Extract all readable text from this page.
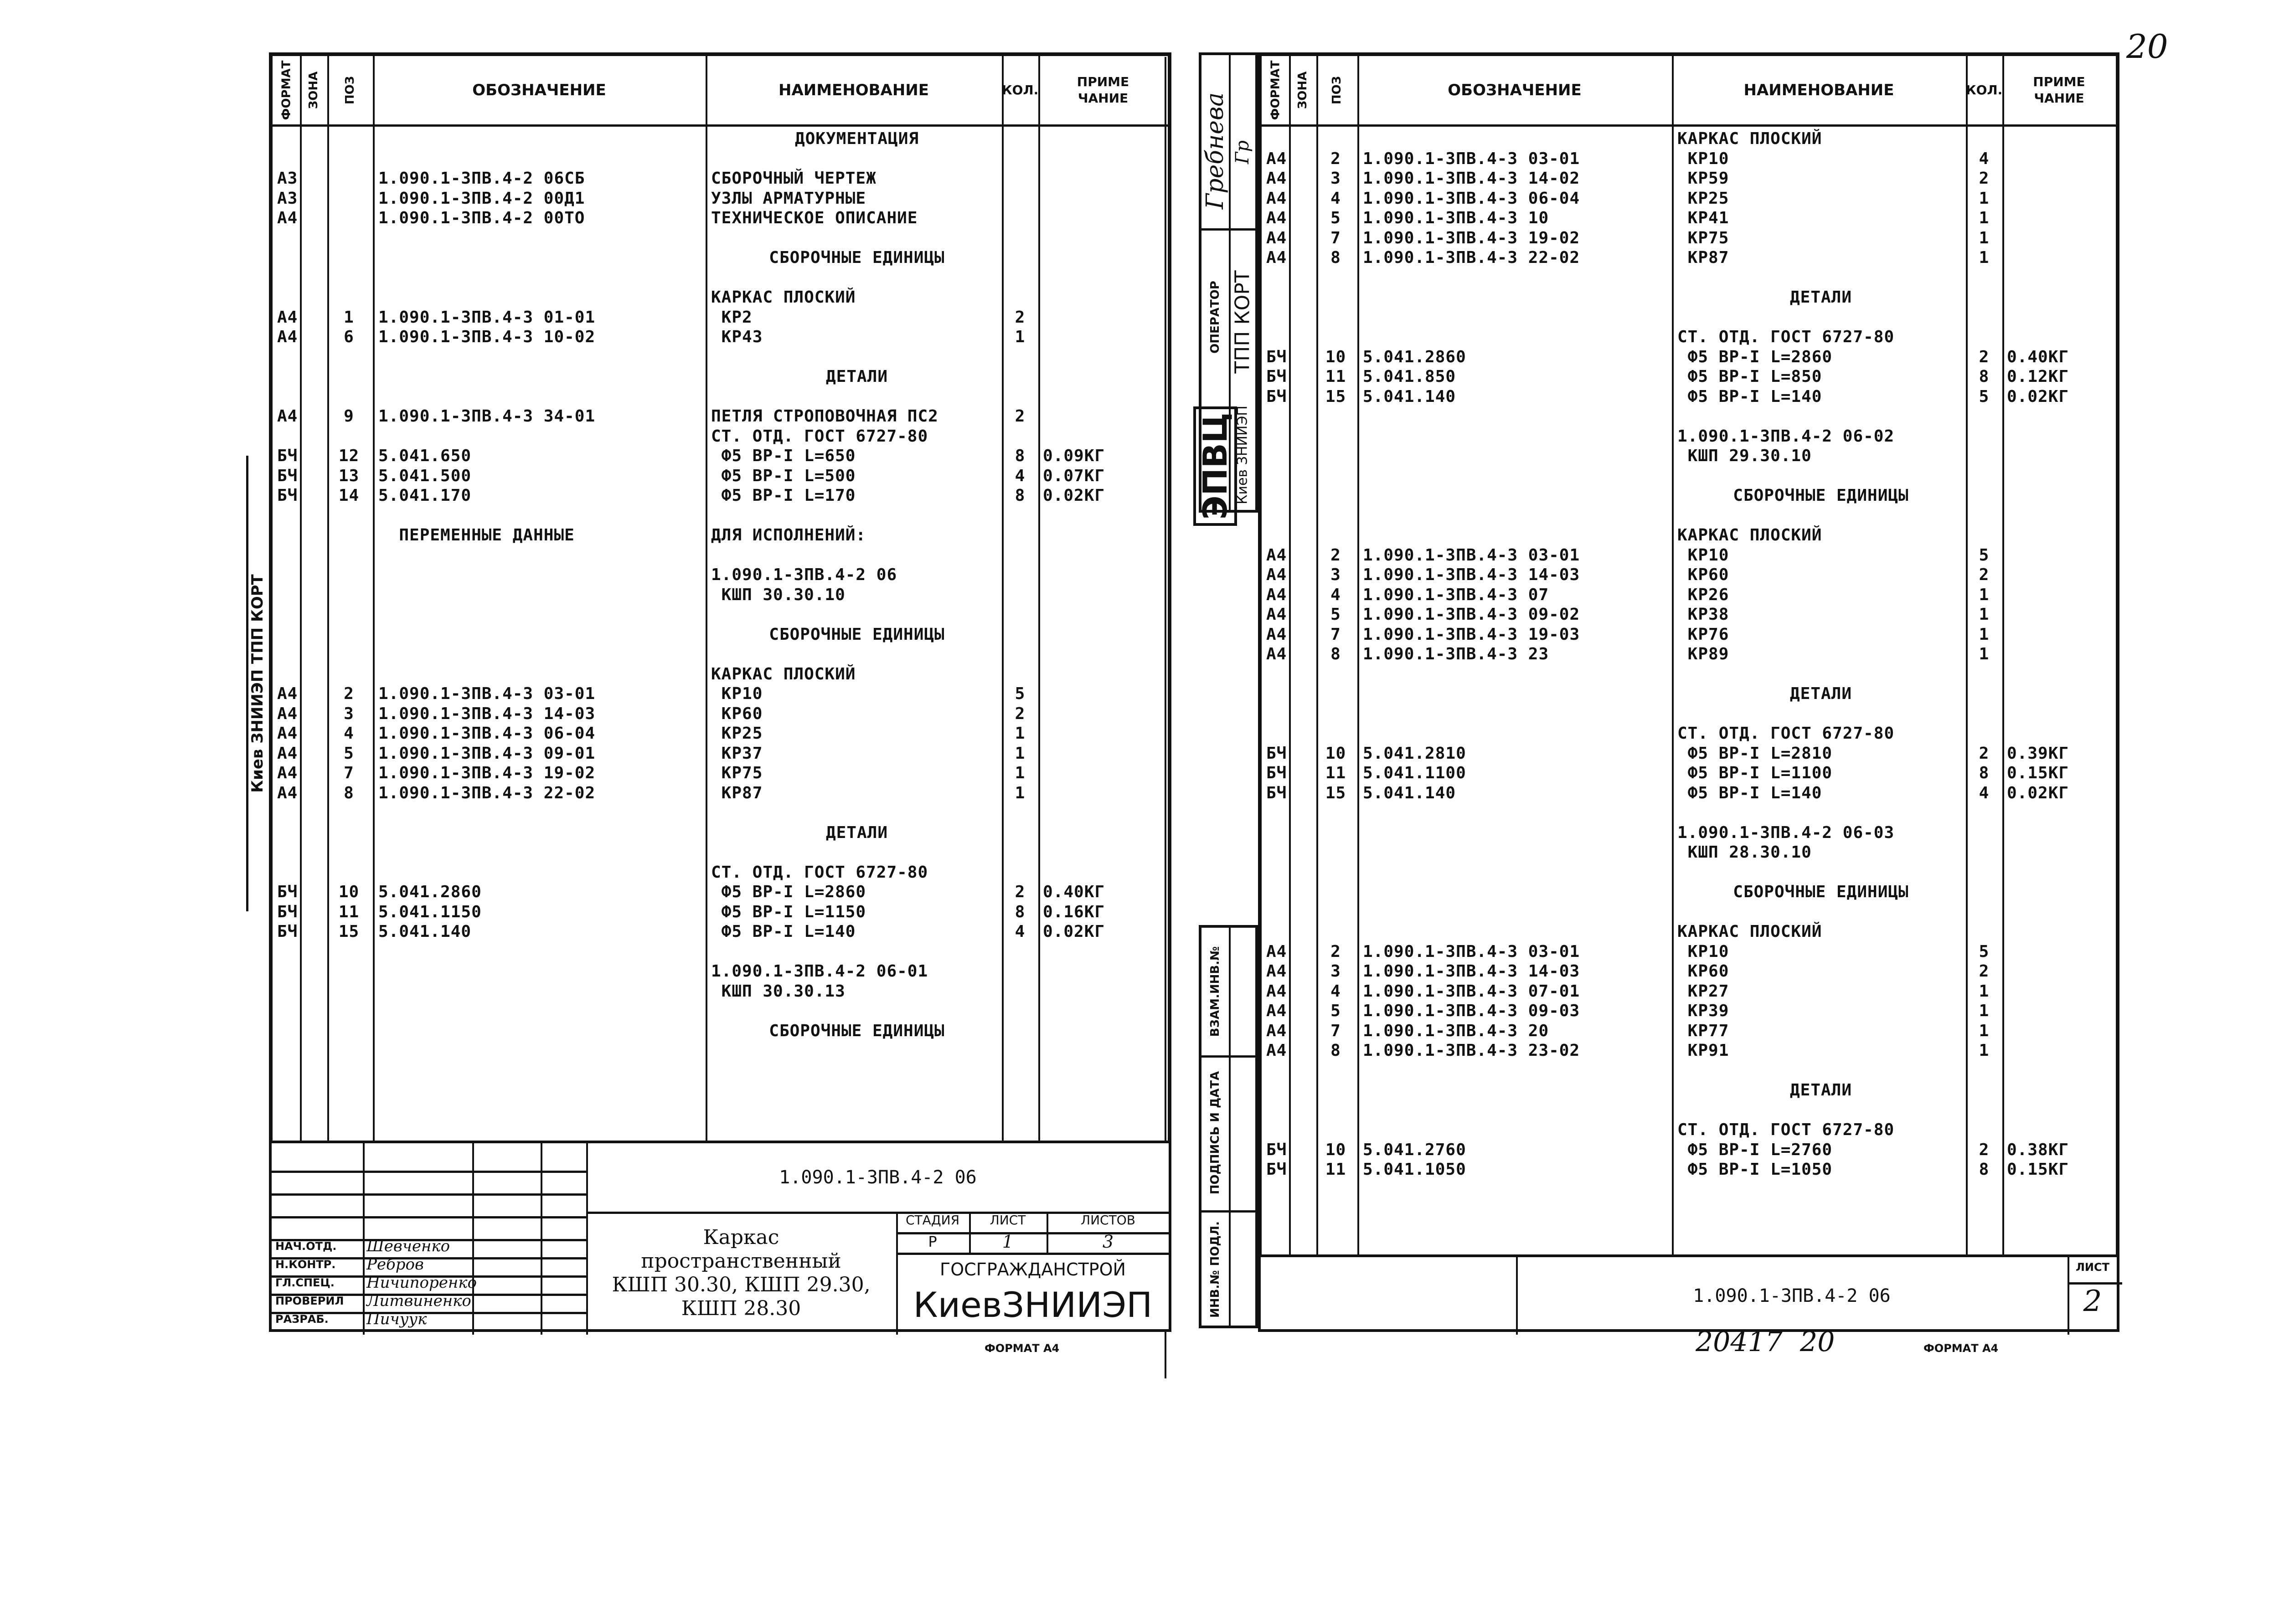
20
Киев ЗНИИЭП ТПП КОРТ
ФОРМАТ ЗОНА ПОЗ	ОБОЗНАЧЕНИЕ	НАИМЕНОВАНИЕ	КОЛ.
ПРИМЕ
ЧАНИЕ
ДОКУМЕНТАЦИЯ
А3	1.090.1-3ПВ.4-2 06СБ	СБОРОЧНЫЙ ЧЕРТЕЖ
А3	1.090.1-3ПВ.4-2 00Д1	УЗЛЫ АРМАТУРНЫЕ
А4	1.090.1-3ПВ.4-2 00ТО	ТЕХНИЧЕСКОЕ ОПИСАНИЕ
СБОРОЧНЫЕ ЕДИНИЦЫ
КАРКАС ПЛОСКИЙ
А4	1	1.090.1-3ПВ.4-3 01-01	КР2	2
А4	6	1.090.1-3ПВ.4-3 10-02	КР43	1
ДЕТАЛИ
А4	9	1.090.1-3ПВ.4-3 34-01	ПЕТЛЯ СТРОПОВОЧНАЯ ПС2	2
СТ. ОТД. ГОСТ 6727-80
БЧ	12	5.041.650	Ф5 ВР-I L=650	8	0.09КГ
БЧ	13	5.041.500	Ф5 ВР-I L=500	4	0.07КГ
БЧ	14	5.041.170	Ф5 ВР-I L=170	8	0.02КГ
ПЕРЕМЕННЫЕ ДАННЫЕ	ДЛЯ ИСПОЛНЕНИЙ:
1.090.1-3ПВ.4-2 06
КШП 30.30.10
СБОРОЧНЫЕ ЕДИНИЦЫ
КАРКАС ПЛОСКИЙ
А4	2	1.090.1-3ПВ.4-3 03-01	КР10	5
А4	3	1.090.1-3ПВ.4-3 14-03	КР60	2
А4	4	1.090.1-3ПВ.4-3 06-04	КР25	1
А4	5	1.090.1-3ПВ.4-3 09-01	КР37	1
А4	7	1.090.1-3ПВ.4-3 19-02	КР75	1
А4	8	1.090.1-3ПВ.4-3 22-02	КР87	1
ДЕТАЛИ
СТ. ОТД. ГОСТ 6727-80
БЧ	10	5.041.2860	Ф5 ВР-I L=2860	2	0.40КГ
БЧ	11	5.041.1150	Ф5 ВР-I L=1150	8	0.16КГ
БЧ	15	5.041.140	Ф5 ВР-I L=140	4	0.02КГ
1.090.1-3ПВ.4-2 06-01
КШП 30.30.13
СБОРОЧНЫЕ ЕДИНИЦЫ
1.090.1-3ПВ.4-2 06
НАЧ.ОТД. Шевченко
Н.КОНТР. Ребров
ГЛ.СПЕЦ. Ничипоренко
ПРОВЕРИЛ Литвиненко
РАЗРАБ. Пичуук
Каркас
пространственный
КШП 30.30, КШП 29.30,
КШП 28.30
СТАДИЯ	ЛИСТ	ЛИСТОВ
Р	1	3
ГОСГРАЖДАНСТРОЙ
КиевЗНИИЭП
ФОРМАТ А4
Гребнева Гр
ОПЕРАТОР ТПП КОРТ
ЭПВЦ Киев ЗНИИЭП
ВЗАМ.ИНВ.№
ПОДПИСЬ И ДАТА
ИНВ.№ ПОДЛ.
ФОРМАТ ЗОНА ПОЗ	ОБОЗНАЧЕНИЕ	НАИМЕНОВАНИЕ	КОЛ.
ПРИМЕ
ЧАНИЕ
КАРКАС ПЛОСКИЙ
А4	2	1.090.1-3ПВ.4-3 03-01	КР10	4
А4	3	1.090.1-3ПВ.4-3 14-02	КР59	2
А4	4	1.090.1-3ПВ.4-3 06-04	КР25	1
А4	5	1.090.1-3ПВ.4-3 10	КР41	1
А4	7	1.090.1-3ПВ.4-3 19-02	КР75	1
А4	8	1.090.1-3ПВ.4-3 22-02	КР87	1
ДЕТАЛИ
СТ. ОТД. ГОСТ 6727-80
БЧ	10	5.041.2860	Ф5 ВР-I L=2860	2	0.40КГ
БЧ	11	5.041.850	Ф5 ВР-I L=850	8	0.12КГ
БЧ	15	5.041.140	Ф5 ВР-I L=140	5	0.02КГ
1.090.1-3ПВ.4-2 06-02
КШП 29.30.10
СБОРОЧНЫЕ ЕДИНИЦЫ
КАРКАС ПЛОСКИЙ
А4	2	1.090.1-3ПВ.4-3 03-01	КР10	5
А4	3	1.090.1-3ПВ.4-3 14-03	КР60	2
А4	4	1.090.1-3ПВ.4-3 07	КР26	1
А4	5	1.090.1-3ПВ.4-3 09-02	КР38	1
А4	7	1.090.1-3ПВ.4-3 19-03	КР76	1
А4	8	1.090.1-3ПВ.4-3 23	КР89	1
ДЕТАЛИ
СТ. ОТД. ГОСТ 6727-80
БЧ	10	5.041.2810	Ф5 ВР-I L=2810	2	0.39КГ
БЧ	11	5.041.1100	Ф5 ВР-I L=1100	8	0.15КГ
БЧ	15	5.041.140	Ф5 ВР-I L=140	4	0.02КГ
1.090.1-3ПВ.4-2 06-03
КШП 28.30.10
СБОРОЧНЫЕ ЕДИНИЦЫ
КАРКАС ПЛОСКИЙ
А4	2	1.090.1-3ПВ.4-3 03-01	КР10	5
А4	3	1.090.1-3ПВ.4-3 14-03	КР60	2
А4	4	1.090.1-3ПВ.4-3 07-01	КР27	1
А4	5	1.090.1-3ПВ.4-3 09-03	КР39	1
А4	7	1.090.1-3ПВ.4-3 20	КР77	1
А4	8	1.090.1-3ПВ.4-3 23-02	КР91	1
ДЕТАЛИ
СТ. ОТД. ГОСТ 6727-80
БЧ	10	5.041.2760	Ф5 ВР-I L=2760	2	0.38КГ
БЧ	11	5.041.1050	Ф5 ВР-I L=1050	8	0.15КГ
1.090.1-3ПВ.4-2 06
ЛИСТ
2
20417  20	ФОРМАТ А4
